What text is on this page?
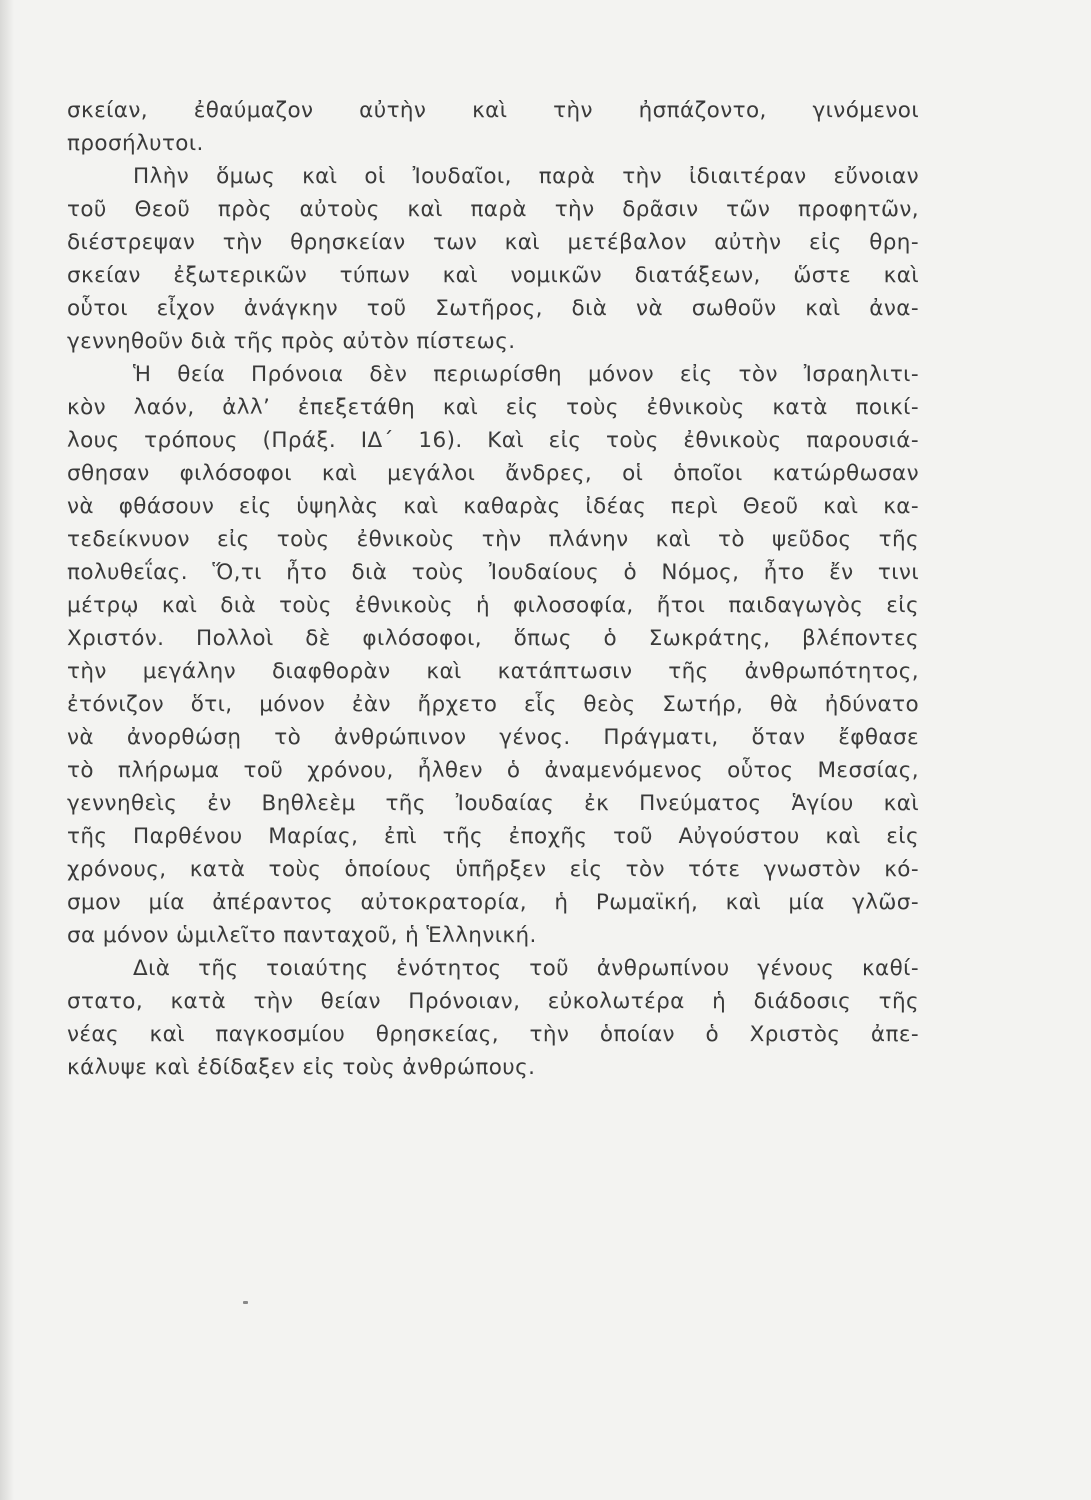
σκείαν, ἐθαύμαζον αὐτὴν καὶ τὴν ἠσπάζοντο, γινόμενοι
προσήλυτοι.
Πλὴν ὅμως καὶ οἱ Ἰουδαῖοι, παρὰ τὴν ἰδιαιτέραν εὔνοιαν
τοῦ Θεοῦ πρὸς αὐτοὺς καὶ παρὰ τὴν δρᾶσιν τῶν προφητῶν,
διέστρεψαν τὴν θρησκείαν των καὶ μετέβαλον αὐτὴν εἰς θρη-
σκείαν ἐξωτερικῶν τύπων καὶ νομικῶν διατάξεων, ὥστε καὶ
οὗτοι εἶχον ἀνάγκην τοῦ Σωτῆρος, διὰ νὰ σωθοῦν καὶ ἀνα-
γεννηθοῦν διὰ τῆς πρὸς αὐτὸν πίστεως.
Ἡ θεία Πρόνοια δὲν περιωρίσθη μόνον εἰς τὸν Ἰσραηλιτι-
κὸν λαόν, ἀλλ’ ἐπεξετάθη καὶ εἰς τοὺς ἐθνικοὺς κατὰ ποικί-
λους τρόπους (Πράξ. ΙΔ΄ 16). Καὶ εἰς τοὺς ἐθνικοὺς παρουσιά-
σθησαν φιλόσοφοι καὶ μεγάλοι ἄνδρες, οἱ ὁποῖοι κατώρθωσαν
νὰ φθάσουν εἰς ὑψηλὰς καὶ καθαρὰς ἰδέας περὶ Θεοῦ καὶ κα-
τεδείκνυον εἰς τοὺς ἐθνικοὺς τὴν πλάνην καὶ τὸ ψεῦδος τῆς
πολυθεΐας. Ὅ,τι ἦτο διὰ τοὺς Ἰουδαίους ὁ Νόμος, ἦτο ἔν τινι
μέτρῳ καὶ διὰ τοὺς ἐθνικοὺς ἡ φιλοσοφία, ἤτοι παιδαγωγὸς εἰς
Χριστόν. Πολλοὶ δὲ φιλόσοφοι, ὅπως ὁ Σωκράτης, βλέποντες
τὴν μεγάλην διαφθορὰν καὶ κατάπτωσιν τῆς ἀνθρωπότητος,
ἐτόνιζον ὅτι, μόνον ἐὰν ἤρχετο εἷς θεὸς Σωτήρ, θὰ ἠδύνατο
νὰ ἀνορθώσῃ τὸ ἀνθρώπινον γένος. Πράγματι, ὅταν ἔφθασε
τὸ πλήρωμα τοῦ χρόνου, ἦλθεν ὁ ἀναμενόμενος οὗτος Μεσσίας,
γεννηθεὶς ἐν Βηθλεὲμ τῆς Ἰουδαίας ἐκ Πνεύματος Ἁγίου καὶ
τῆς Παρθένου Μαρίας, ἐπὶ τῆς ἐποχῆς τοῦ Αὐγούστου καὶ εἰς
χρόνους, κατὰ τοὺς ὁποίους ὑπῆρξεν εἰς τὸν τότε γνωστὸν κό-
σμον μία ἀπέραντος αὐτοκρατορία, ἡ Ρωμαϊκή, καὶ μία γλῶσ-
σα μόνον ὡμιλεῖτο πανταχοῦ, ἡ Ἑλληνική.
Διὰ τῆς τοιαύτης ἑνότητος τοῦ ἀνθρωπίνου γένους καθί-
στατο, κατὰ τὴν θείαν Πρόνοιαν, εὐκολωτέρα ἡ διάδοσις τῆς
νέας καὶ παγκοσμίου θρησκείας, τὴν ὁποίαν ὁ Χριστὸς ἀπε-
κάλυψε καὶ ἐδίδαξεν εἰς τοὺς ἀνθρώπους.
